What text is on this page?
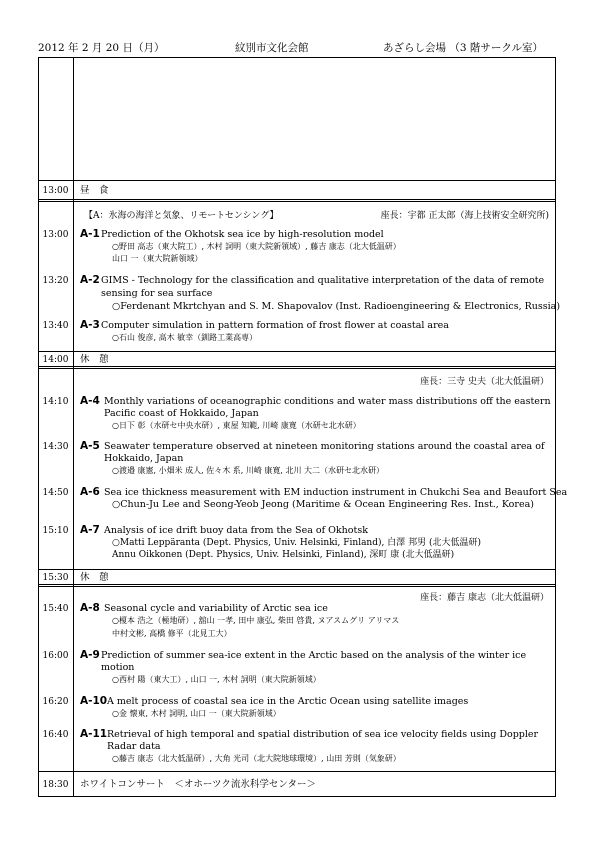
2012 年 2 月 20 日（月）	紋別市文化会館	あざらし会場 （3 階サークル室）
13:00	昼　食
【A：氷海の海洋と気象、リモートセンシング】	座長：宇都 正太郎（海上技術安全研究所)
13:00	A-1 Prediction of the Okhotsk sea ice by high-resolution model
○野田 高志（東大院工）, 木村 詞明（東大院新領域）, 藤吉 康志（北大低温研）
山口 一（東大院新領域）
13:20	A-2 GIMS - Technology for the classification and qualitative interpretation of the data of remote
sensing for sea surface
○Ferdenant Mkrtchyan and S. M. Shapovalov (Inst. Radioengineering & Electronics, Russia)
13:40	A-3 Computer simulation in pattern formation of frost flower at coastal area
○石山 俊彦, 高木 敏幸（釧路工業高専）
14:00	休　憩
座長：三寺 史夫（北大低温研）
14:10	A-4 Monthly variations of oceanographic conditions and water mass distributions off the eastern
Pacific coast of Hokkaido, Japan
○日下 彰（水研セ中央水研）, 東屋 知範, 川崎 康寛（水研セ北水研）
14:30	A-5 Seawater temperature observed at nineteen monitoring stations around the coastal area of
Hokkaido, Japan
○渡邉 康憲, 小畑米 成人, 佐々木 系, 川崎 康寛, 北川 大二（水研セ北水研）
14:50	A-6 Sea ice thickness measurement with EM induction instrument in Chukchi Sea and Beaufort Sea
○Chun-Ju Lee and Seong-Yeob Jeong (Maritime & Ocean Engineering Res. Inst., Korea)
15:10	A-7 Analysis of ice drift buoy data from the Sea of Okhotsk
○Matti Leppäranta (Dept. Physics, Univ. Helsinki, Finland), 白澤 邦男 (北大低温研)
Annu Oikkonen (Dept. Physics, Univ. Helsinki, Finland), 深町 康 (北大低温研)
15:30	休　憩
座長：藤吉 康志（北大低温研）
15:40	A-8 Seasonal cycle and variability of Arctic sea ice
○榎本 浩之（極地研）, 舘山 一孝, 田中 康弘, 柴田 啓貴, ヌアスムグリ アリマス
中村文彬, 高橋 修平（北見工大）
16:00	A-9 Prediction of summer sea-ice extent in the Arctic based on the analysis of the winter ice
motion
○西村 陽（東大工）, 山口 一, 木村 詞明（東大院新領域）
16:20	A-10 A melt process of coastal sea ice in the Arctic Ocean using satellite images
○金 懐東, 木村 詞明, 山口 一（東大院新領域）
16:40	A-11 Retrieval of high temporal and spatial distribution of sea ice velocity fields using Doppler
Radar data
○藤吉 康志（北大低温研）, 大角 光司（北大院地球環境）, 山田 芳則（気象研）
18:30	ホワイトコンサート　＜オホーツク流氷科学センター＞
